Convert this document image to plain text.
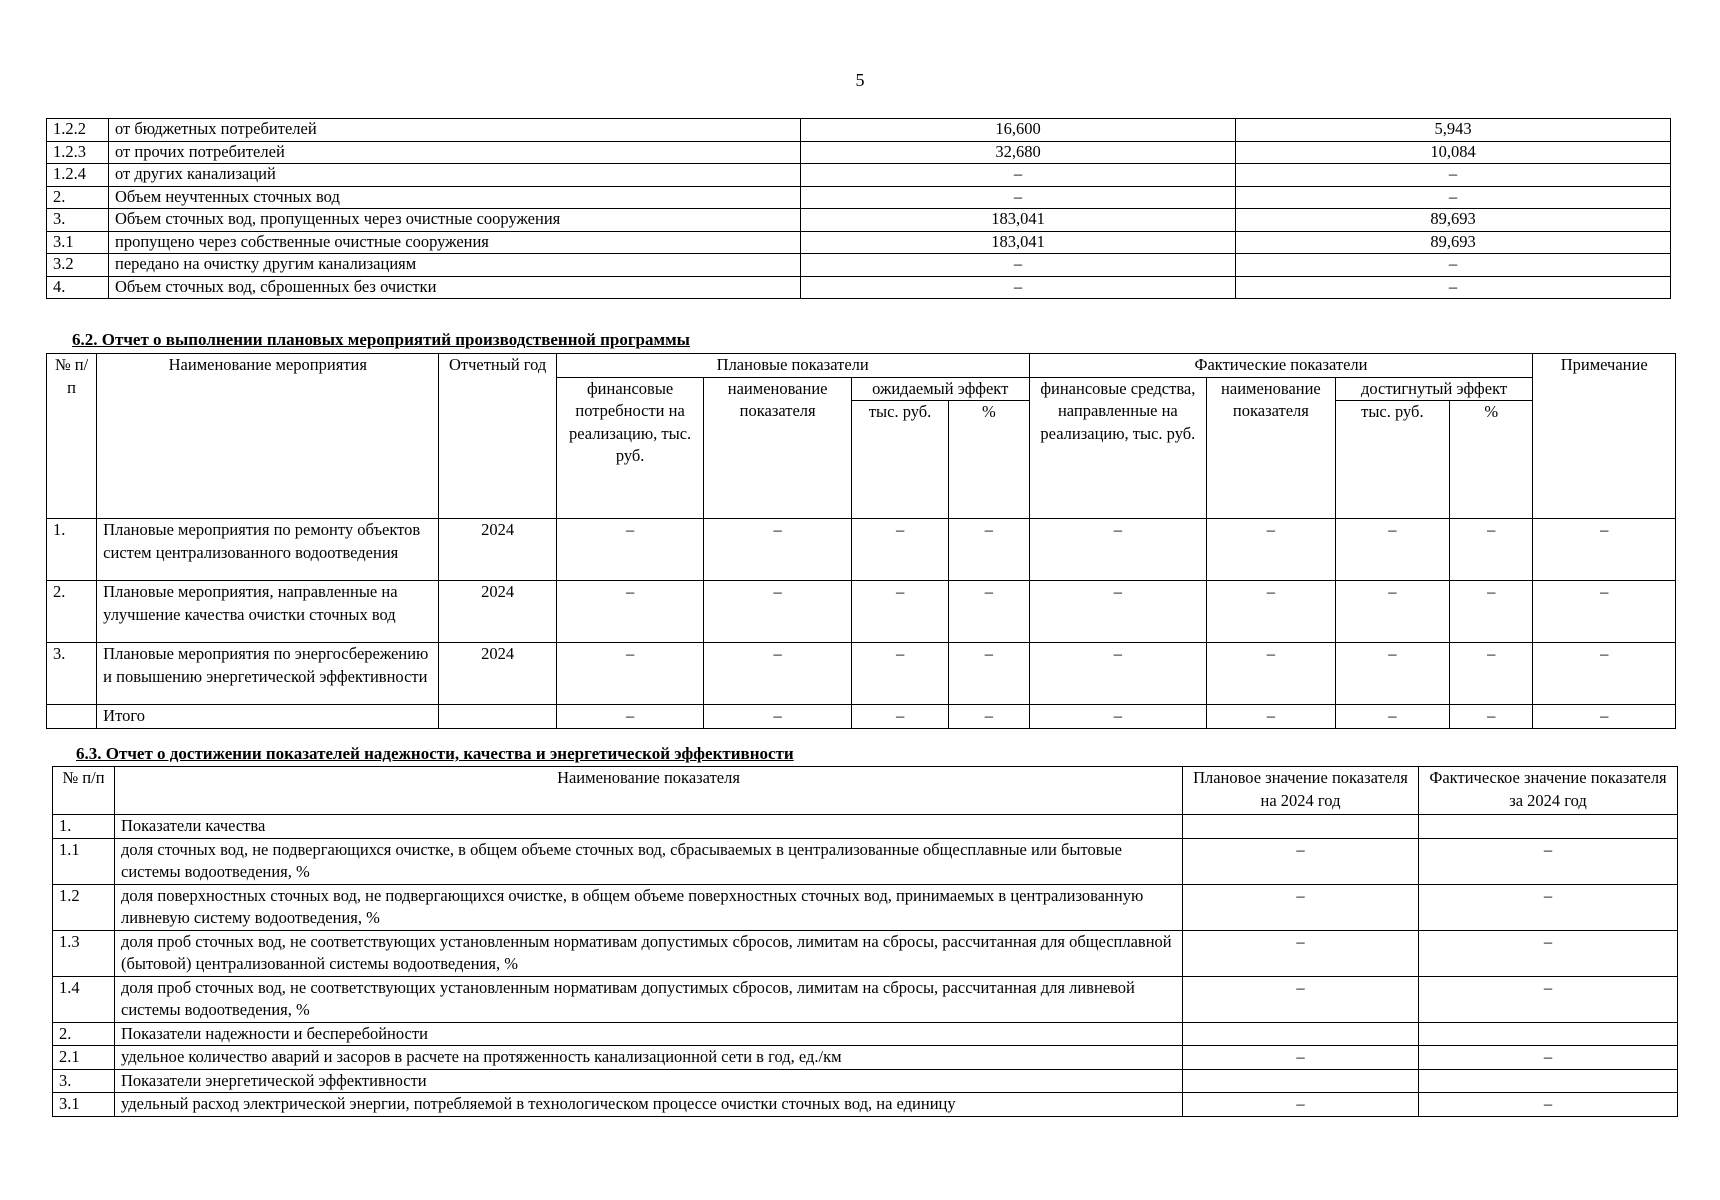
5
1.2.2	от бюджетных потребителей	16,600	5,943
1.2.3	от прочих потребителей	32,680	10,084
1.2.4	от других канализаций	–	–
2.	Объем неучтенных сточных вод	–	–
3.	Объем сточных вод, пропущенных через очистные сооружения	183,041	89,693
3.1	пропущено через собственные очистные сооружения	183,041	89,693
3.2	передано на очистку другим канализациям	–	–
4.	Объем сточных вод, сброшенных без очистки	–	–
6.2. Отчет о выполнении плановых мероприятий производственной программы
№ п/п	Наименование мероприятия	Отчетный год	Плановые показатели				Фактические показатели				Примечание
			финансовые потребности на реализацию, тыс. руб.	наименование показателя	ожидаемый эффект		финансовые средства, направленные на реализацию, тыс. руб.	наименование показателя	достигнутый эффект		
					тыс. руб.	%			тыс. руб.	%	
1.	Плановые мероприятия по ремонту объектов систем централизованного водоотведения	2024	–	–	–	–	–	–	–	–	–
2.	Плановые мероприятия, направленные на улучшение качества очистки сточных вод	2024	–	–	–	–	–	–	–	–	–
3.	Плановые мероприятия по энергосбережению и повышению энергетической эффективности	2024	–	–	–	–	–	–	–	–	–
	Итого		–	–	–	–	–	–	–	–	–
6.3. Отчет о достижении показателей надежности, качества и энергетической эффективности
№ п/п	Наименование показателя	Плановое значение показателя на 2024 год	Фактическое значение показателя за 2024 год
1.	Показатели качества		
1.1	доля сточных вод, не подвергающихся очистке, в общем объеме сточных вод, сбрасываемых в централизованные общесплавные или бытовые системы водоотведения, %	–	–
1.2	доля поверхностных сточных вод, не подвергающихся очистке, в общем объеме поверхностных сточных вод, принимаемых в централизованную ливневую систему водоотведения, %	–	–
1.3	доля проб сточных вод, не соответствующих установленным нормативам допустимых сбросов, лимитам на сбросы, рассчитанная для общесплавной (бытовой) централизованной системы водоотведения, %	–	–
1.4	доля проб сточных вод, не соответствующих установленным нормативам допустимых сбросов, лимитам на сбросы, рассчитанная для ливневой системы водоотведения, %	–	–
2.	Показатели надежности и бесперебойности		
2.1	удельное количество аварий и засоров в расчете на протяженность канализационной сети в год, ед./км	–	–
3.	Показатели энергетической эффективности		
3.1	удельный расход электрической энергии, потребляемой в технологическом процессе очистки сточных вод, на единицу	–	–
